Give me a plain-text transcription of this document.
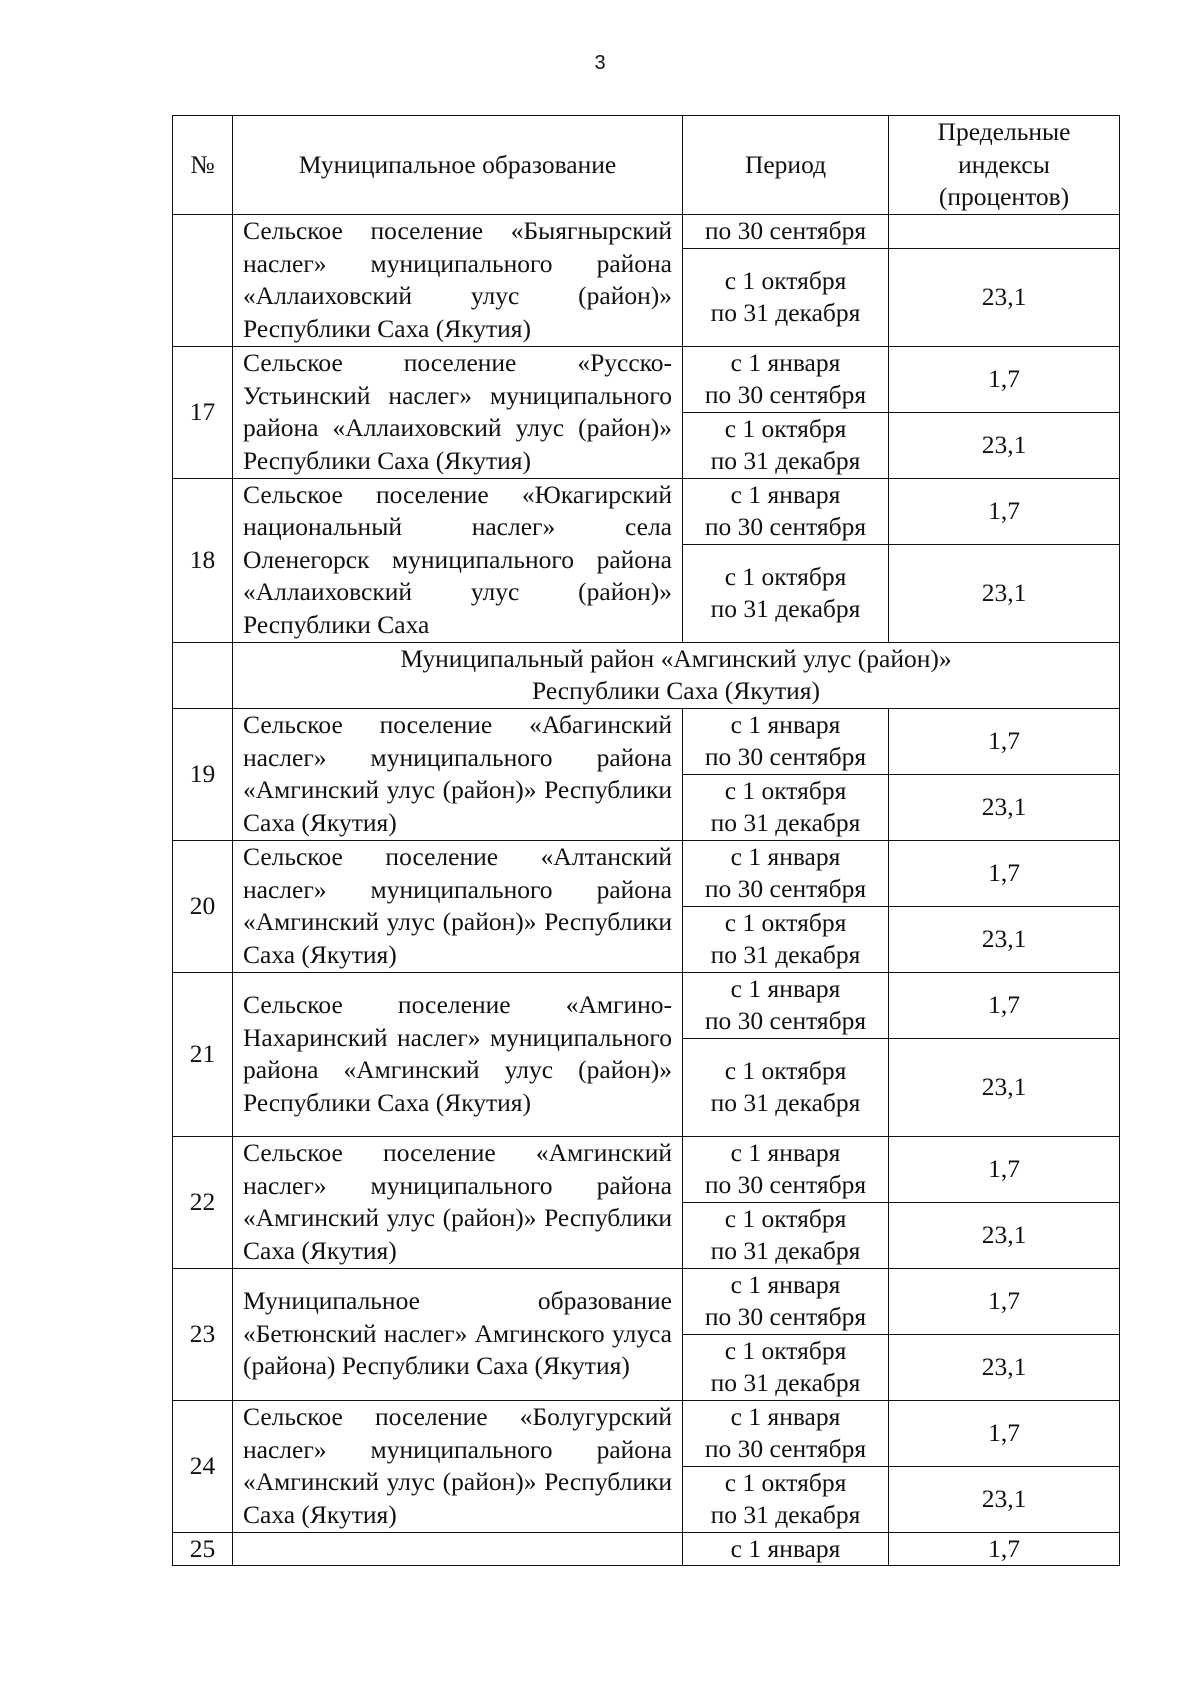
3
№	Муниципальное образование	Период	Предельные
индексы
(процентов)

	Сельское поселение «Быягнырский наслег» муниципального района «Аллаиховский улус (район)» Республики Саха (Якутия)	по 30 сентября	

		с 1 октября
по 31 декабря	23,1
17	Сельское поселение «Русско-Устьинский наслег» муниципального района «Аллаиховский улус (район)» Республики Саха (Якутия)	с 1 января
по 30 сентября	1,7

		с 1 октября
по 31 декабря	23,1
18	Сельское поселение «Юкагирский национальный наслег» села Оленегорск муниципального района «Аллаиховский улус (район)» Республики Саха	с 1 января
по 30 сентября	1,7

		с 1 октября
по 31 декабря	23,1

	Муниципальный район «Амгинский улус (район)»
Республики Саха (Якутия)		

19	Сельское поселение «Абагинский наслег» муниципального района «Амгинский улус (район)» Республики Саха (Якутия)	с 1 января
по 30 сентября	1,7

		с 1 октября
по 31 декабря	23,1
20	Сельское поселение «Алтанский наслег» муниципального района «Амгинский улус (район)» Республики Саха (Якутия)	с 1 января
по 30 сентября	1,7

		с 1 октября
по 31 декабря	23,1
21	Сельское поселение «Амгино-Нахаринский наслег» муниципального района «Амгинский улус (район)» Республики Саха (Якутия)	с 1 января
по 30 сентября	1,7

		с 1 октября
по 31 декабря	23,1
22	Сельское поселение «Амгинский наслег» муниципального района «Амгинский улус (район)» Республики Саха (Якутия)	с 1 января
по 30 сентября	1,7

		с 1 октября
по 31 декабря	23,1
23	Муниципальное образование «Бетюнский наслег» Амгинского улуса (района) Республики Саха (Якутия)	с 1 января
по 30 сентября	1,7

		с 1 октября
по 31 декабря	23,1
24	Сельское поселение «Болугурский наслег» муниципального района «Амгинский улус (район)» Республики Саха (Якутия)	с 1 января
по 30 сентября	1,7

		с 1 октября
по 31 декабря	23,1
25		с 1 января	1,7
